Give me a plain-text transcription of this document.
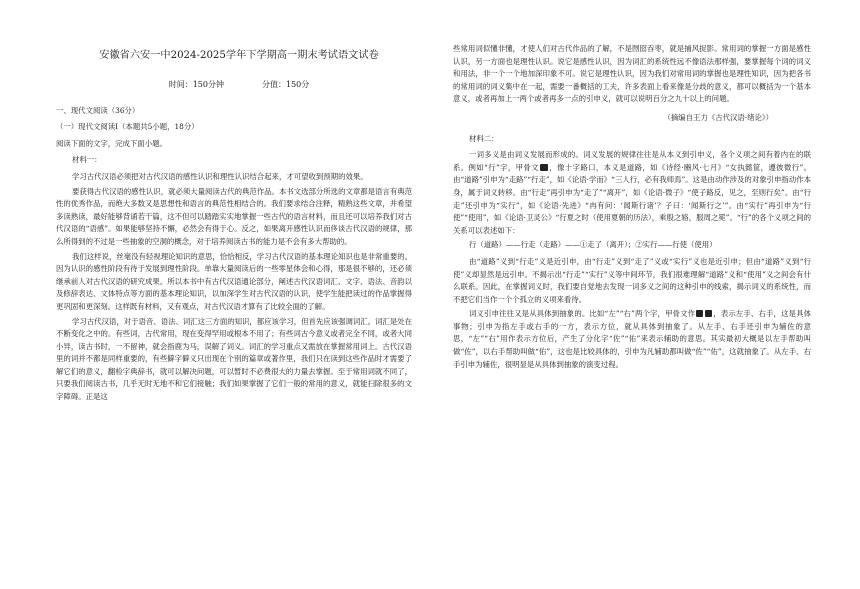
安徽省六安一中2024-2025学年下学期高一期末考试语文试卷
时间：150分钟	分值：150分
一、现代文阅读（36分）
（一）现代文阅读Ⅰ（本题共5小题，18分）
阅读下面的文字，完成下面小题。
材料一：

学习古代汉语必须把对古代汉语的感性认识和理性认识结合起来，才可望收到预期的效果。

要获得古代汉语的感性认识，就必须大量阅读古代的典范作品。本书文选部分所选的文章都是语言有典范性的优秀作品，而绝大多数又是思想性和语言的典范性相结合的。我们要求结合注释，精熟这些文章，并希望多读熟读，最好能够背诵若干篇，这不但可以踏踏实实地掌握一些古代的语言材料，而且还可以培养我们对古代汉语的“语感”。如果能够坚持不懈，必然会有得于心。反之，如果离开感性认识而侈谈古代汉语的规律，那么所得到的不过是一些抽象的空洞的概念，对于培养阅读古书的能力是不会有多大帮助的。

我们这样说，丝毫没有轻视理论知识的意思，恰恰相反，学习古代汉语的基本理论知识也是非常重要的。因为认识的感性阶段有待于发展到理性阶段。单靠大量阅读后的一些零星体会和心得，那是很不够的，还必须继承前人对古代汉语的研究成果。所以本书中有古代汉语通论部分，阐述古代汉语词汇、文字、语法、音韵以及修辞表达、文体特点等方面的基本理论知识，以加深学生对古代汉语的认识，使学生能把读过的作品掌握得更巩固和更深刻。这样既有材料，又有观点，对古代汉语才算有了比较全面的了解。

学习古代汉语，对于语音、语法、词汇这三方面的知识，都应该学习，但首先应该强调词汇。词汇是处在不断变化之中的。有些词，古代常用，现在变得罕用或根本不用了；有些词古今意义或者完全不同，或者大同小异，读古书时，一不留神，就会指鹿为马，误解了词义。词汇的学习重点又需放在掌握常用词上。古代汉语里的词并不都是同样重要的，有些僻字僻义只出现在个别的篇章或著作里，我们只在读到这些作品时才需要了解它们的意义，翻检字典辞书，就可以解决问题，可以暂时不必费很大的力量去掌握。至于常用词就不同了，只要我们阅读古书，几乎无时无地不和它们接触；我们如果掌握了它们一般的常用的意义，就能扫除很多的文字障碍。正是这

些常用词似懂非懂，才使人们对古代作品的了解，不是囫囵吞枣，就是捕风捉影。常用词的掌握一方面是感性认识，另一方面也是理性认识。说它是感性认识，因为词汇的系统性远不像语法那样强，要掌握每个词的词义和用法，非一个一个地加深印象不可。说它是理性认识，因为我们对常用词的掌握也是理性知识，因为把各书的常用词的词义集中在一起，需要一番概括的工夫，许多表面上看来像是分歧的意义，都可以概括为一个基本意义，或者再加上一两个或者再多一点的引申义，就可以说明百分之九十以上的问题。

（摘编自王力《古代汉语·绪论》）
材料二：

一词多义是由词义发展而形成的。词义发展的规律往往是从本义到引申义，各个义项之间有着内在的联系。例如“行”字，甲骨文 ，像十字路口，本义是道路，如《诗经·豳风·七月》“女执懿筐，遵彼微行”。由“道路”引申为“走路”“行走”，如《论语·学而》“三人行，必有我师焉”。这是由动作涉及的对象引申指动作本身，属于词义转移。由“行走”再引申为“走了”“离开”，如《论语·微子》“使子路反，见之，至则行矣”。由“行走”还引申为“实行”，如《论语·先进》“冉有问：‘闻斯行诸’？子曰：‘闻斯行之’”。由“实行”再引申为“行使”“使用”，如《论语·卫灵公》“行夏之时（使用夏朝的历法），乘殷之辂，服周之冕”。“行”的各个义项之间的关系可以表述如下：

行（道路）——行走（走路）——①走了（离开）；②实行——行使（使用）

由“道路”义到“行走”义是近引申，由“行走”义到“走了”义或“实行”义也是近引申；但由“道路”义到“行使”义却显然是远引申。不揭示出“行走”“实行”义等中间环节，我们很难理解“道路”义和“使用”义之间会有什么联系。因此，在掌握词义时，我们要自觉地去发现一词多义之间的这种引申的线索，揭示词义的系统性，而不把它们当作一个个孤立的义项来看待。

词义引申往往又是从具体到抽象的。比如“左”“右”两个字，甲骨文作 ，表示左手、右手，这是具体事物；引申为指左手或右手的一方，表示方位，就从具体到抽象了。从左手、右手还引申为辅佐的意思，“左”“右”用作表示方位后，产生了分化字“佐”“佑”来表示辅助的意思。其实最初大概是以左手帮助叫做“佐”，以右手帮助叫做“佑”，这也是比较具体的，引申为凡辅助都叫做“佐”“佑”，这就抽象了。从左手、右手引申为辅佐，很明显是从具体到抽象的演变过程。
